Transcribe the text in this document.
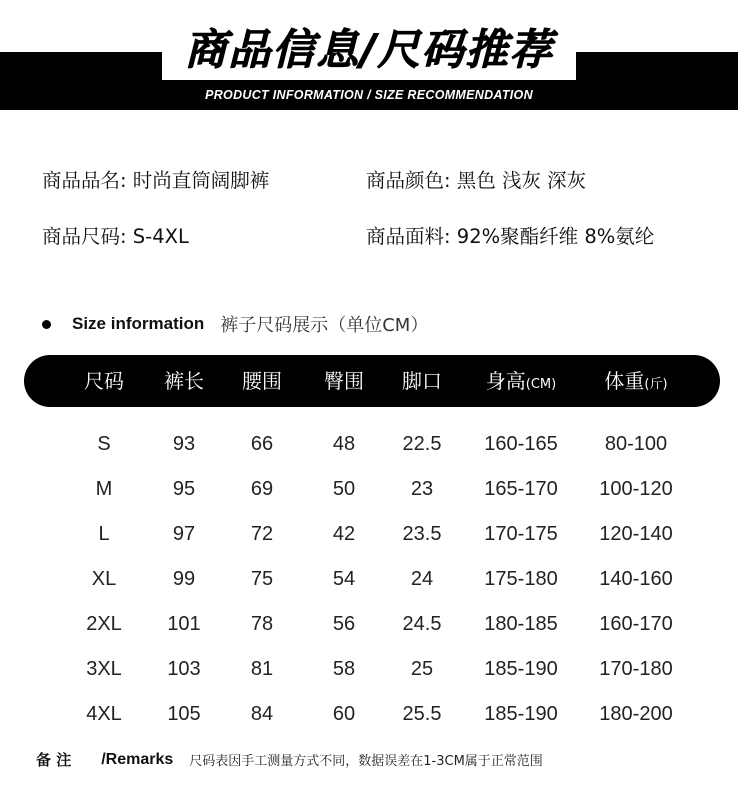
商品信息/尺码推荐
PRODUCT INFORMATION / SIZE RECOMMENDATION
商品品名: 时尚直筒阔脚裤	商品颜色: 黑色 浅灰 深灰
商品尺码: S-4XL	商品面料: 92%聚酯纤维 8%氨纶
Size information 裤子尺码展示（单位CM）
尺码 裤长 腰围 臀围 脚口 身高(CM) 体重(斤)
S	93	66	48 22.5 160-165 80-100
M	95	69	50	23	165-170 100-120
L	97	72	42 23.5 170-175 120-140
XL	99	75	54	24	175-180 140-160
2XL 101	78	56 24.5 180-185 160-170
3XL 103	81	58	25	185-190 170-180
4XL 105	84	60 25.5 185-190 180-200
备 注 /Remarks 尺码表因手工测量方式不同，数据误差在1-3CM属于正常范围
